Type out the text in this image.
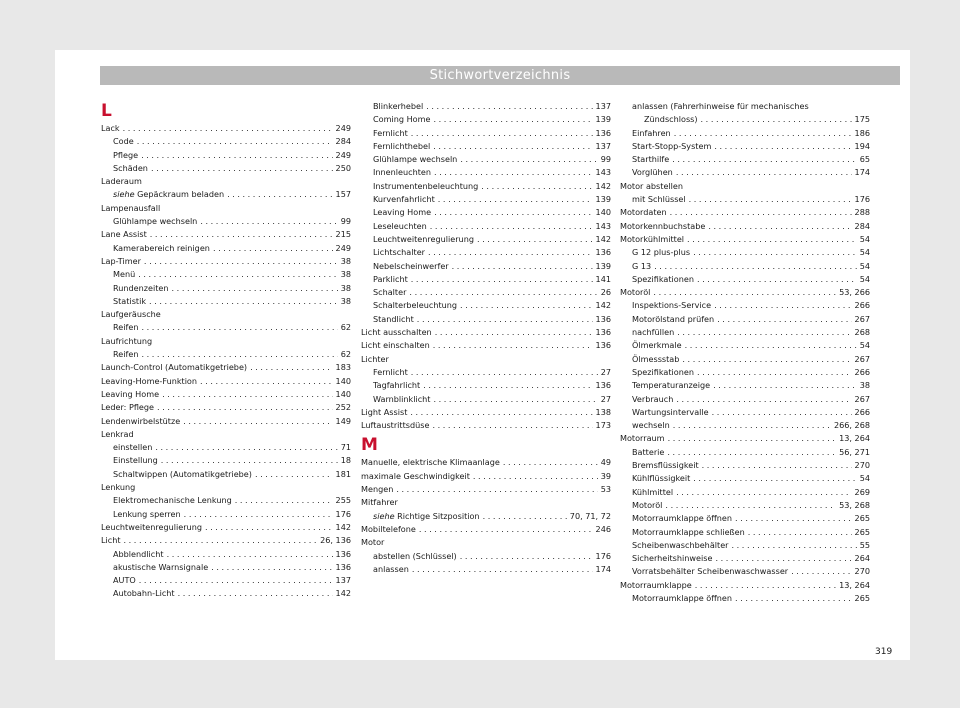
Stichwortverzeichnis
L
Lack . . .	249
Code . . .	284
Pflege . . .	249
Schäden . . .	250
Laderaum
siehe Gepäckraum beladen . . .	157
Lampenausfall
Glühlampe wechseln . . .	99
Lane Assist . . .	215
Kamerabereich reinigen . . .	249
Lap-Timer . . .	38
Menü . . .	38
Rundenzeiten . . .	38
Statistik . . .	38
Laufgeräusche
Reifen . . .	62
Laufrichtung
Reifen . . .	62
Launch-Control (Automatikgetriebe) . . .	183
Leaving-Home-Funktion . . .	140
Leaving Home . . .	140
Leder: Pflege . . .	252
Lendenwirbelstütze . . .	149
Lenkrad
einstellen . . .	71
Einstellung . . .	18
Schaltwippen (Automatikgetriebe) . . .	181
Lenkung
Elektromechanische Lenkung . . .	255
Lenkung sperren . . .	176
Leuchtweitenregulierung . . .	142
Licht . . .	26, 136
Abblendlicht . . .	136
akustische Warnsignale . . .	136
AUTO . . .	137
Autobahn-Licht . . .	142
Blinkerhebel . . .	137
Coming Home . . .	139
Fernlicht . . .	136
Fernlichthebel . . .	137
Glühlampe wechseln . . .	99
Innenleuchten . . .	143
Instrumentenbeleuchtung . . .	142
Kurvenfahrlicht . . .	139
Leaving Home . . .	140
Leseleuchten . . .	143
Leuchtweitenregulierung . . .	142
Lichtschalter . . .	136
Nebelscheinwerfer . . .	139
Parklicht . . .	141
Schalter . . .	26
Schalterbeleuchtung . . .	142
Standlicht . . .	136
Licht ausschalten . . .	136
Licht einschalten . . .	136
Lichter
Fernlicht . . .	27
Tagfahrlicht . . .	136
Warnblinklicht . . .	27
Light Assist . . .	138
Luftaustrittsdüse . . .	173
M
Manuelle, elektrische Klimaanlage . . .	49
maximale Geschwindigkeit . . .	39
Mengen . . .	53
Mitfahrer
siehe Richtige Sitzposition . . .	70, 71, 72
Mobiltelefone . . .	246
Motor
abstellen (Schlüssel) . . .	176
anlassen . . .	174
anlassen (Fahrerhinweise für mechanisches
Zündschloss) . . .	175
Einfahren . . .	186
Start-Stopp-System . . .	194
Starthilfe . . .	65
Vorglühen . . .	174
Motor abstellen
mit Schlüssel . . .	176
Motordaten . . .	288
Motorkennbuchstabe . . .	284
Motorkühlmittel . . .	54
G 12 plus-plus . . .	54
G 13 . . .	54
Spezifikationen . . .	54
Motoröl . . .	53, 266
Inspektions-Service . . .	266
Motorölstand prüfen . . .	267
nachfüllen . . .	268
Ölmerkmale . . .	54
Ölmessstab . . .	267
Spezifikationen . . .	266
Temperaturanzeige . . .	38
Verbrauch . . .	267
Wartungsintervalle . . .	266
wechseln . . .	266, 268
Motorraum . . .	13, 264
Batterie . . .	56, 271
Bremsflüssigkeit . . .	270
Kühlflüssigkeit . . .	54
Kühlmittel . . .	269
Motoröl . . .	53, 268
Motorraumklappe öffnen . . .	265
Motorraumklappe schließen . . .	265
Scheibenwaschbehälter . . .	55
Sicherheitshinweise . . .	264
Vorratsbehälter Scheibenwaschwasser . . .	270
Motorraumklappe . . .	13, 264
Motorraumklappe öffnen . . .	265
319
